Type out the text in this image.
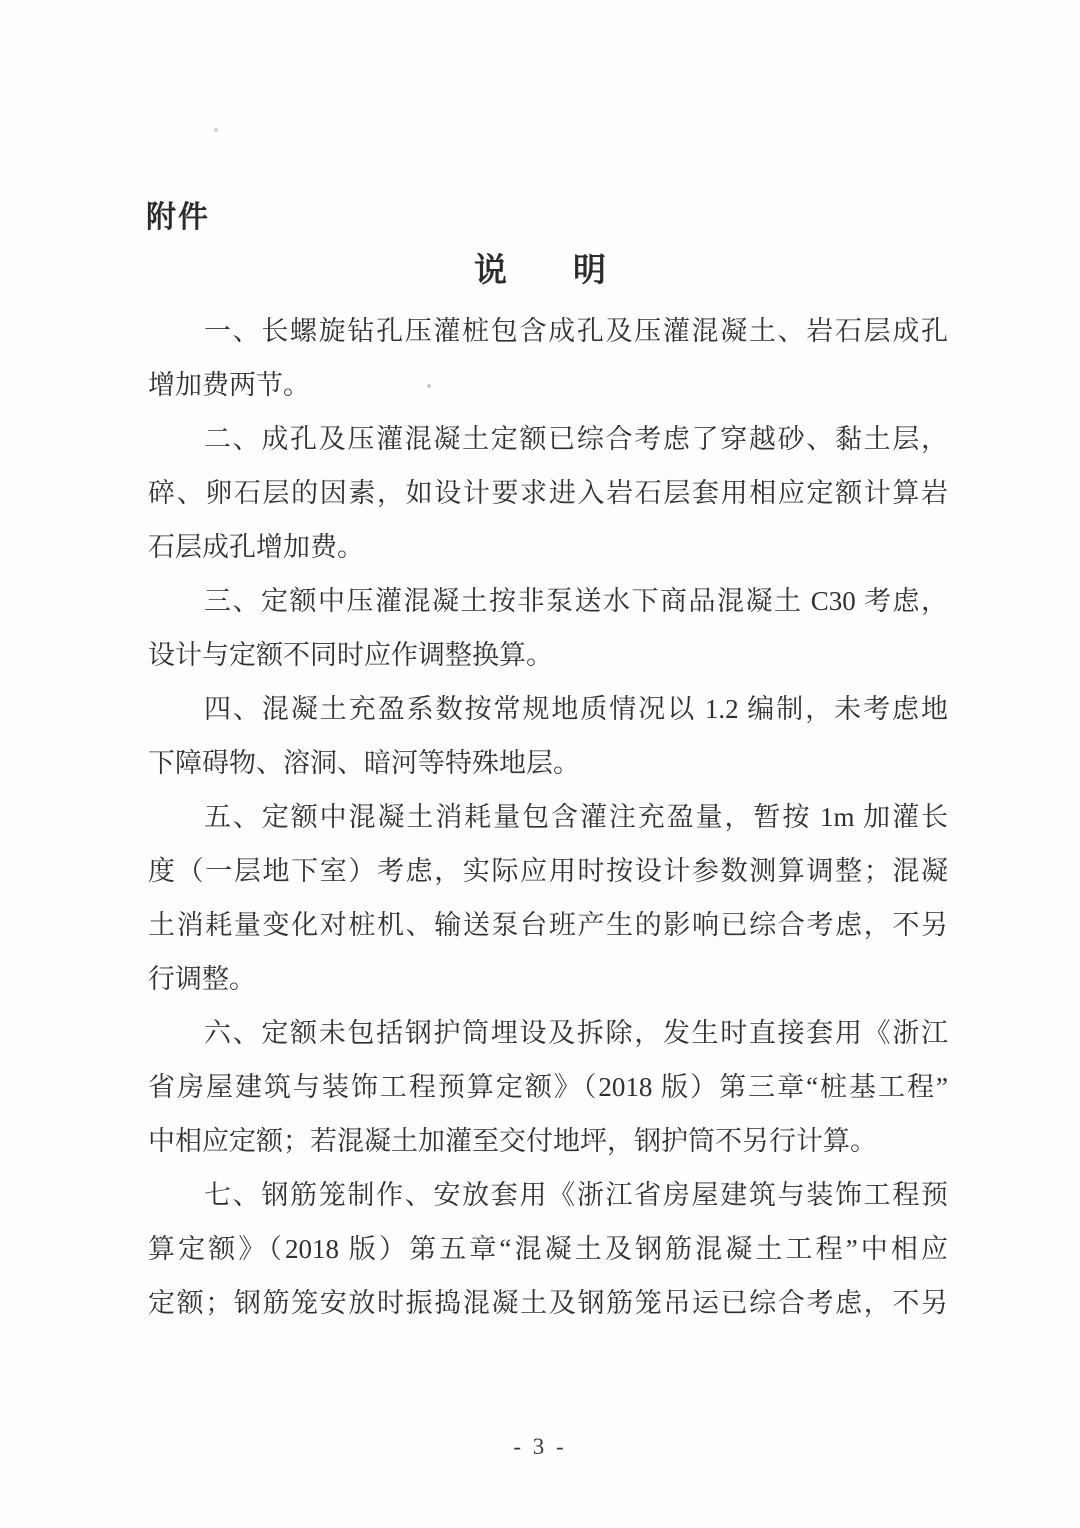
附件
说　　明
一、长螺旋钻孔压灌桩包含成孔及压灌混凝土、岩石层成孔
增加费两节。
二、成孔及压灌混凝土定额已综合考虑了穿越砂、黏土层，
碎、卵石层的因素，如设计要求进入岩石层套用相应定额计算岩
石层成孔增加费。
三、定额中压灌混凝土按非泵送水下商品混凝土 C30 考虑，
设计与定额不同时应作调整换算。
四、混凝土充盈系数按常规地质情况以 1.2 编制，未考虑地
下障碍物、溶洞、暗河等特殊地层。
五、定额中混凝土消耗量包含灌注充盈量，暂按 1m 加灌长
度（一层地下室）考虑，实际应用时按设计参数测算调整；混凝
土消耗量变化对桩机、输送泵台班产生的影响已综合考虑，不另
行调整。
六、定额未包括钢护筒埋设及拆除，发生时直接套用《浙江
省房屋建筑与装饰工程预算定额》（2018 版）第三章“桩基工程”
中相应定额；若混凝土加灌至交付地坪，钢护筒不另行计算。
七、钢筋笼制作、安放套用《浙江省房屋建筑与装饰工程预
算定额》（2018 版）第五章“混凝土及钢筋混凝土工程”中相应
定额；钢筋笼安放时振捣混凝土及钢筋笼吊运已综合考虑，不另
- 3 -
